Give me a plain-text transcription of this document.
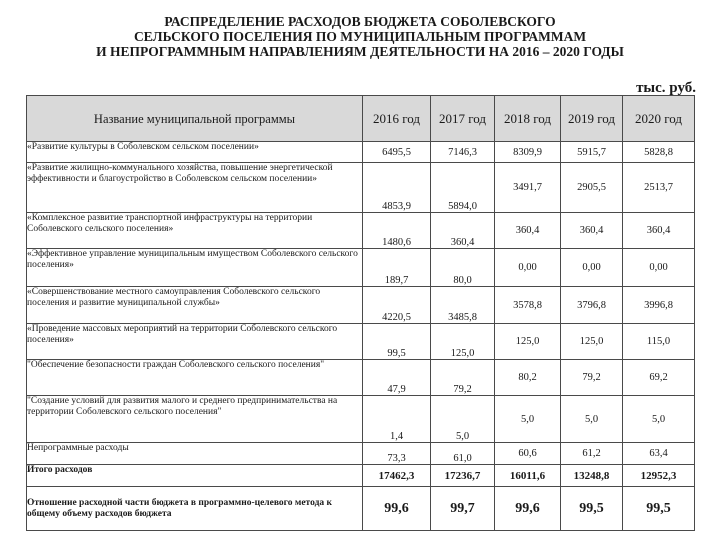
РАСПРЕДЕЛЕНИЕ РАСХОДОВ БЮДЖЕТА СОБОЛЕВСКОГО
СЕЛЬСКОГО ПОСЕЛЕНИЯ ПО МУНИЦИПАЛЬНЫМ ПРОГРАММАМ
И НЕПРОГРАММНЫМ НАПРАВЛЕНИЯМ ДЕЯТЕЛЬНОСТИ НА 2016 – 2020 ГОДЫ
тыс. руб.
Название муниципальной программы	2016 год	2017 год	2018 год	2019 год	2020 год
«Развитие культуры в Соболевском сельском поселении»	6495,5	7146,3	8309,9	5915,7	5828,8
«Развитие жилищно-коммунального хозяйства, повышение энергетической эффективности и благоустройство в Соболевском сельском поселении»	4853,9	5894,0	3491,7	2905,5	2513,7
«Комплексное развитие транспортной инфраструктуры на территории Соболевского сельского поселения»	1480,6	360,4	360,4	360,4	360,4
«Эффективное управление муниципальным имуществом Соболевского сельского поселения»	189,7	80,0	0,00	0,00	0,00
«Совершенствование местного самоуправления Соболевского сельского поселения и развитие муниципальной службы»	4220,5	3485,8	3578,8	3796,8	3996,8
«Проведение массовых мероприятий на территории Соболевского сельского поселения»	99,5	125,0	125,0	125,0	115,0
"Обеспечение безопасности граждан Соболевского сельского поселения"	47,9	79,2	80,2	79,2	69,2
"Создание условий для развития малого и среднего предпринимательства на территории Соболевского сельского поселения"	1,4	5,0	5,0	5,0	5,0
Непрограммные расходы	73,3	61,0	60,6	61,2	63,4
Итого расходов	17462,3	17236,7	16011,6	13248,8	12952,3
Отношение расходной части бюджета в программно-целевого метода к общему объему расходов бюджета	99,6	99,7	99,6	99,5	99,5
